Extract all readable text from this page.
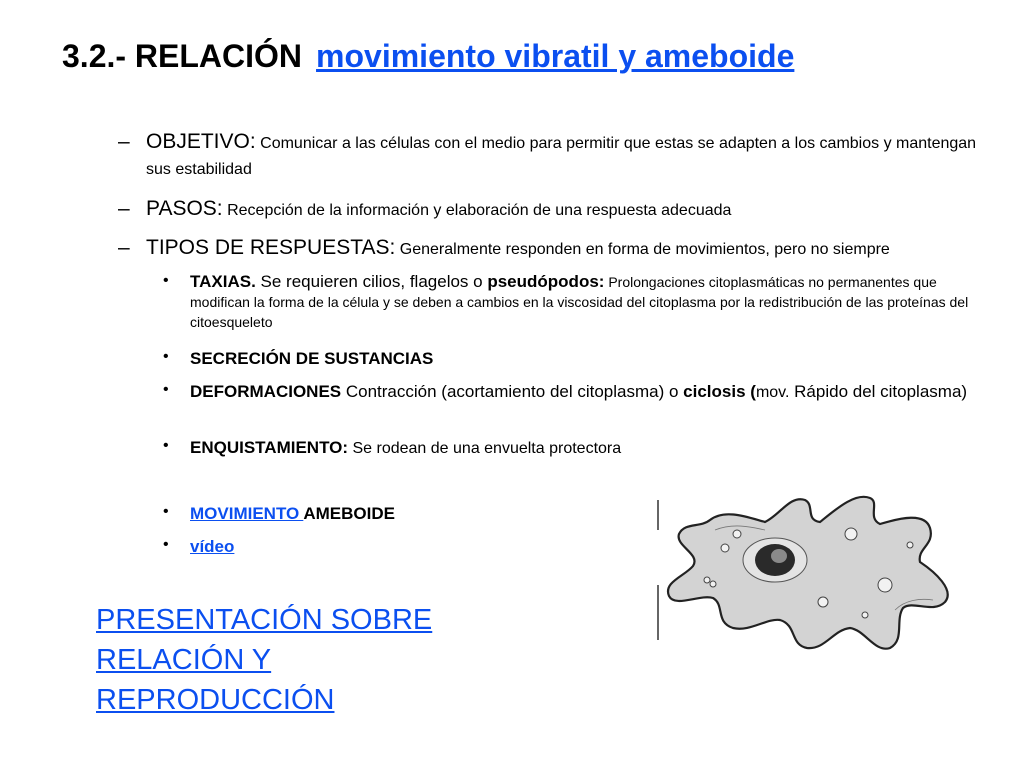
3.2.- RELACIÓN movimiento vibratil y ameboide
– OBJETIVO: Comunicar a las células con el medio para permitir que estas se adapten a los cambios y mantengan sus estabilidad
– PASOS: Recepción de la información y elaboración de una respuesta adecuada
– TIPOS DE RESPUESTAS: Generalmente responden en forma de movimientos, pero no siempre
• TAXIAS. Se requieren cilios, flagelos o pseudópodos: Prolongaciones citoplasmáticas no permanentes que modifican la forma de la célula y se deben a cambios en la viscosidad del citoplasma por la redistribución de las proteínas del citoesqueleto
• SECRECIÓN DE SUSTANCIAS
• DEFORMACIONES Contracción (acortamiento del citoplasma) o ciclosis (mov. Rápido del citoplasma)
• ENQUISTAMIENTO: Se rodean de una envuelta protectora
• MOVIMIENTO AMEBOIDE
• vídeo
PRESENTACIÓN SOBRE
RELACIÓN Y
REPRODUCCIÓN
